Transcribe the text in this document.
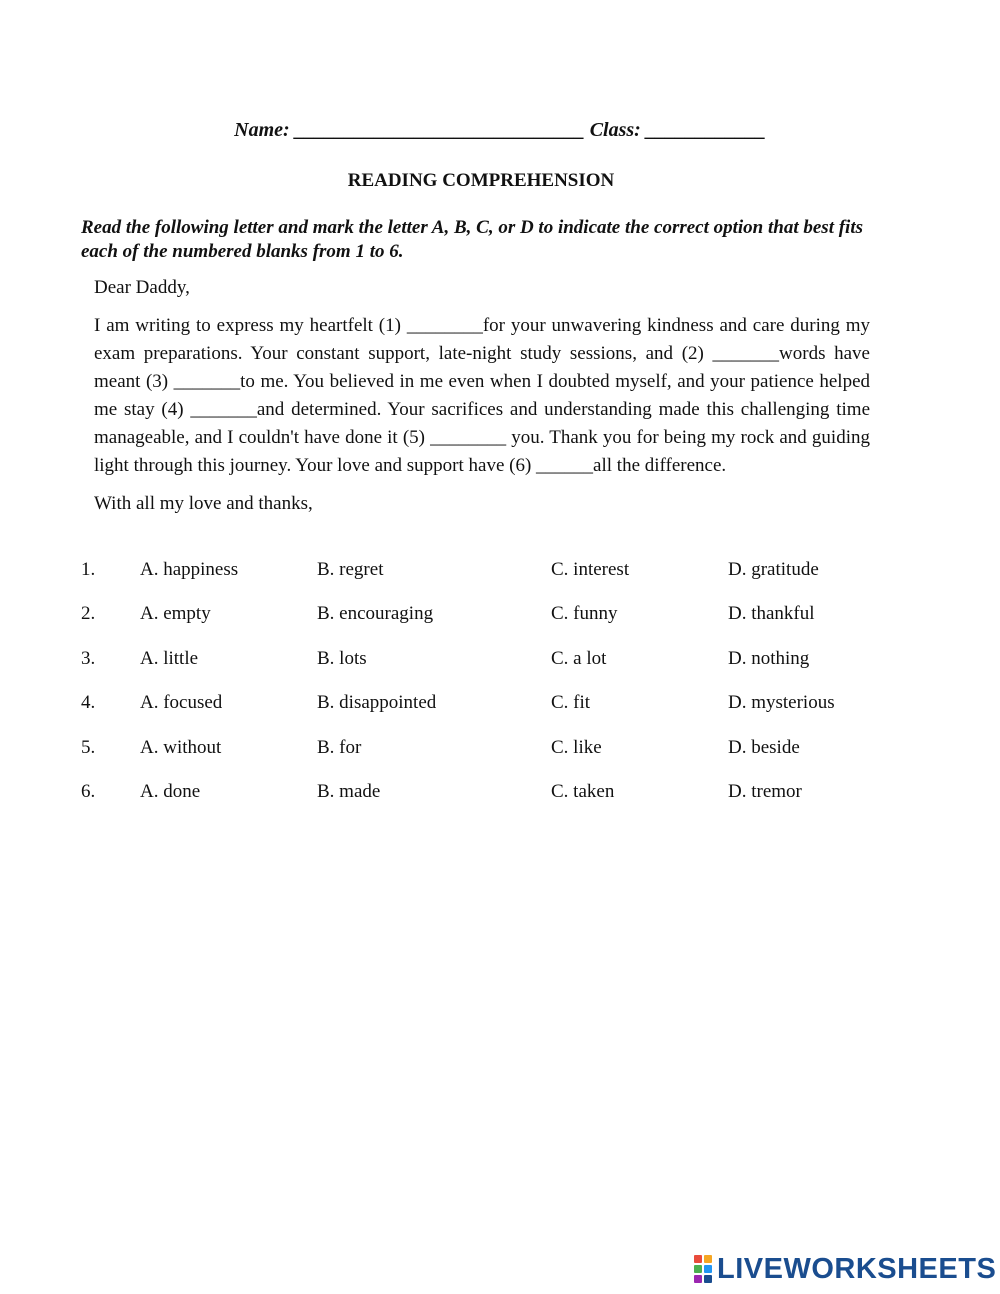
Name: _____________________________ Class: ____________
READING COMPREHENSION
Read the following letter and mark the letter A, B, C, or D to indicate the correct option that best fits each of the numbered blanks from 1 to 6.

Dear Daddy,

I am writing to express my heartfelt (1) ________for your unwavering kindness and care during my exam preparations. Your constant support, late-night study sessions, and (2) _______words have meant (3) _______to me. You believed in me even when I doubted myself, and your patience helped me stay (4) _______and determined. Your sacrifices and understanding made this challenging time manageable, and I couldn't have done it (5) ________ you. Thank you for being my rock and guiding light through this journey. Your love and support have (6) ______all the difference.

With all my love and thanks,

1. A. happiness	B. regret	C. interest	D. gratitude
2. A. empty	B. encouraging	C. funny	D. thankful
3. A. little	B. lots	C. a lot	D. nothing
4. A. focused	B. disappointed	C. fit	D. mysterious
5. A. without	B. for	C. like	D. beside
6. A. done	B. made	C. taken	D. tremor
LIVEWORKSHEETS
